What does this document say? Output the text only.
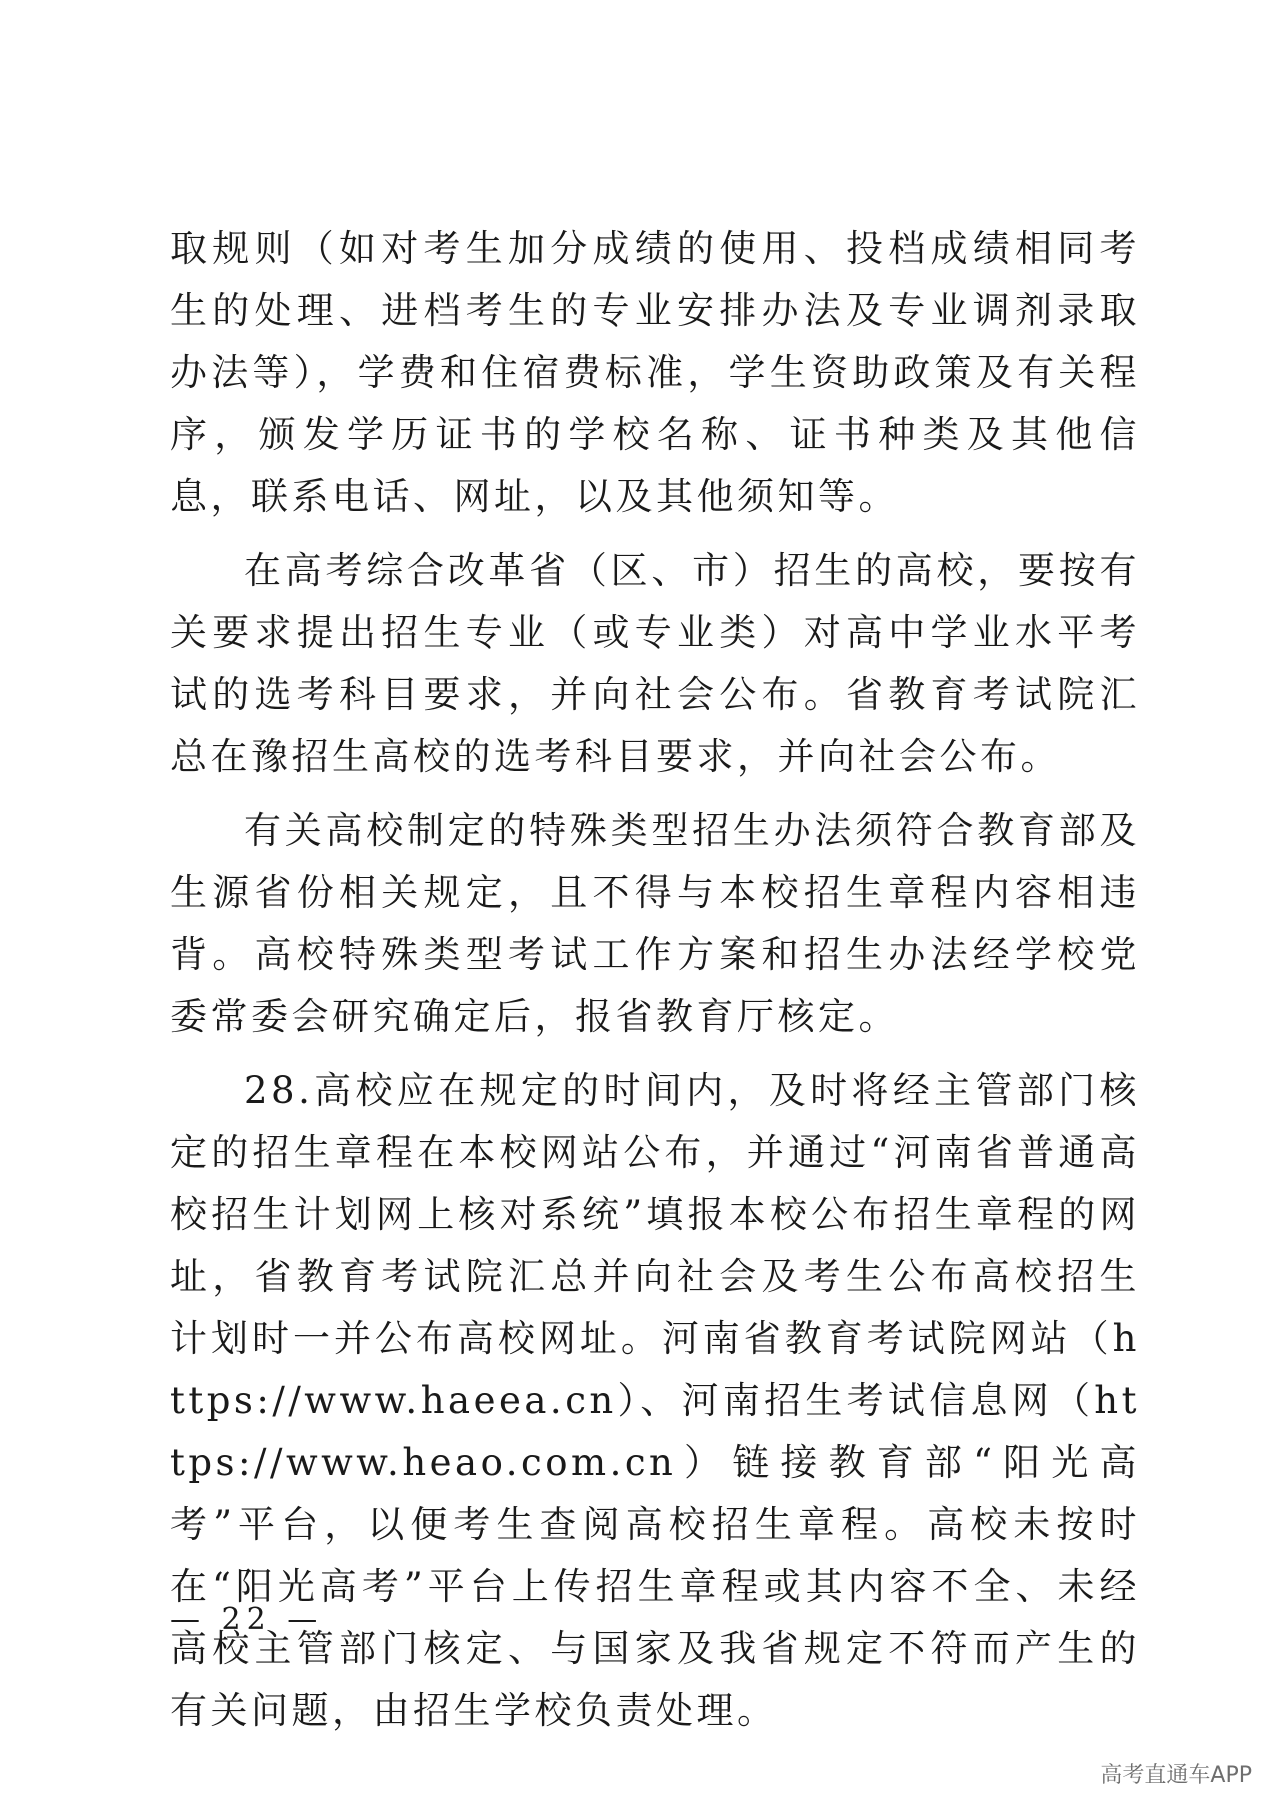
取规则（如对考生加分成绩的使用、投档成绩相同考生的处理、进档考生的专业安排办法及专业调剂录取办法等），学费和住宿费标准，学生资助政策及有关程序，颁发学历证书的学校名称、证书种类及其他信息，联系电话、网址，以及其他须知等。

在高考综合改革省（区、市）招生的高校，要按有关要求提出招生专业（或专业类）对高中学业水平考试的选考科目要求，并向社会公布。省教育考试院汇总在豫招生高校的选考科目要求，并向社会公布。

有关高校制定的特殊类型招生办法须符合教育部及生源省份相关规定，且不得与本校招生章程内容相违背。高校特殊类型考试工作方案和招生办法经学校党委常委会研究确定后，报省教育厅核定。

28.高校应在规定的时间内，及时将经主管部门核定的招生章程在本校网站公布，并通过“河南省普通高校招生计划网上核对系统”填报本校公布招生章程的网址，省教育考试院汇总并向社会及考生公布高校招生计划时一并公布高校网址。河南省教育考试院网站（https://www.haeea.cn）、河南招生考试信息网（https://www.heao.com.cn）链接教育部“阳光高考”平台，以便考生查阅高校招生章程。高校未按时在“阳光高考”平台上传招生章程或其内容不全、未经高校主管部门核定、与国家及我省规定不符而产生的有关问题，由招生学校负责处理。

— 22 —
高考直通车APP
